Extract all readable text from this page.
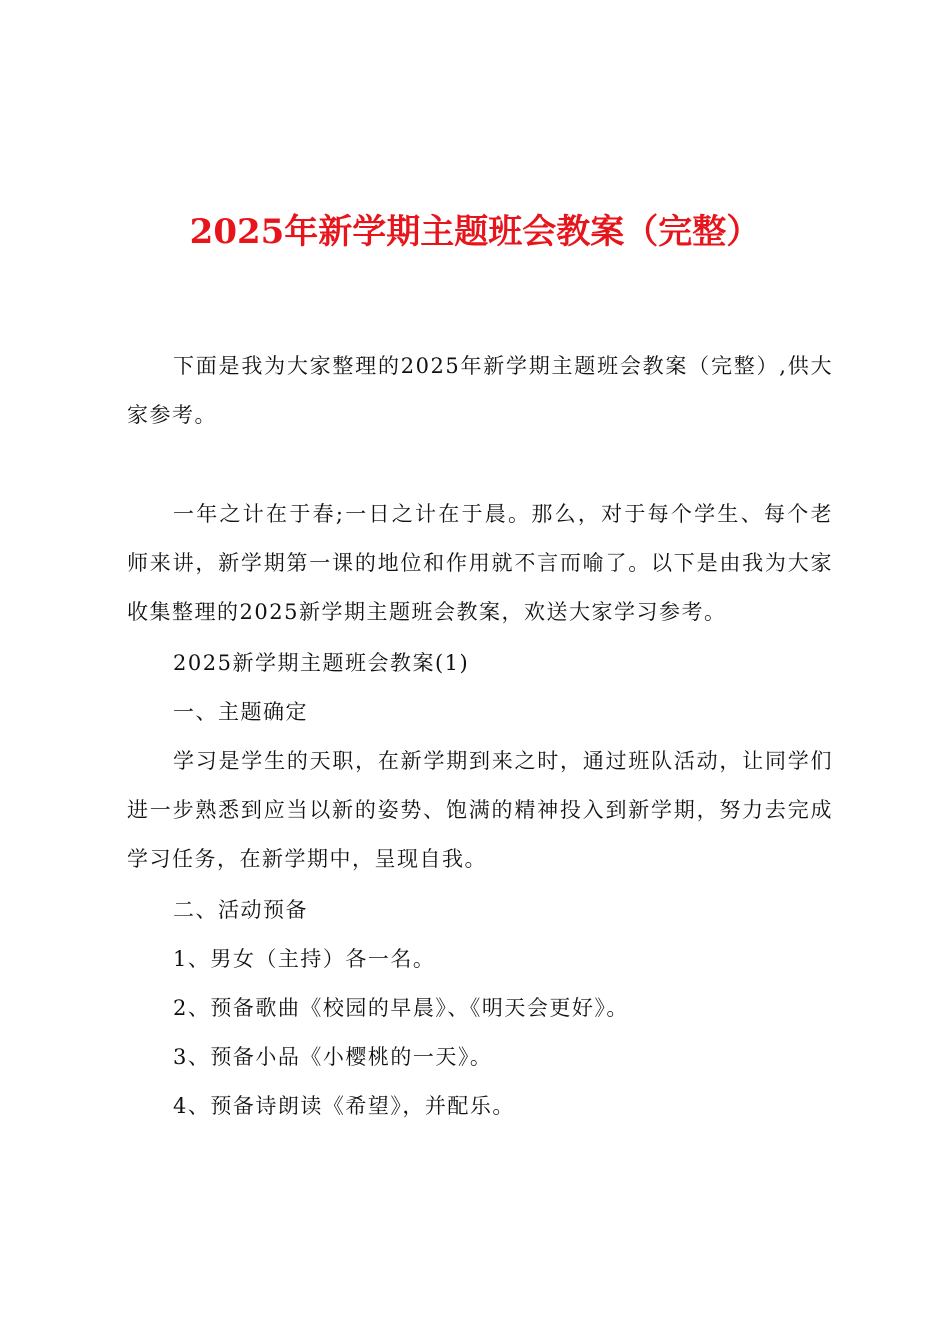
2025年新学期主题班会教案（完整）
下面是我为大家整理的2025年新学期主题班会教案（完整）,供大家参考。
一年之计在于春;一日之计在于晨。那么，对于每个学生、每个老师来讲，新学期第一课的地位和作用就不言而喻了。以下是由我为大家收集整理的2025新学期主题班会教案，欢送大家学习参考。
2025新学期主题班会教案(1)
一、主题确定
学习是学生的天职，在新学期到来之时，通过班队活动，让同学们进一步熟悉到应当以新的姿势、饱满的精神投入到新学期，努力去完成学习任务，在新学期中，呈现自我。
二、活动预备
1、男女（主持）各一名。
2、预备歌曲《校园的早晨》、《明天会更好》。
3、预备小品《小樱桃的一天》。
4、预备诗朗读《希望》，并配乐。
